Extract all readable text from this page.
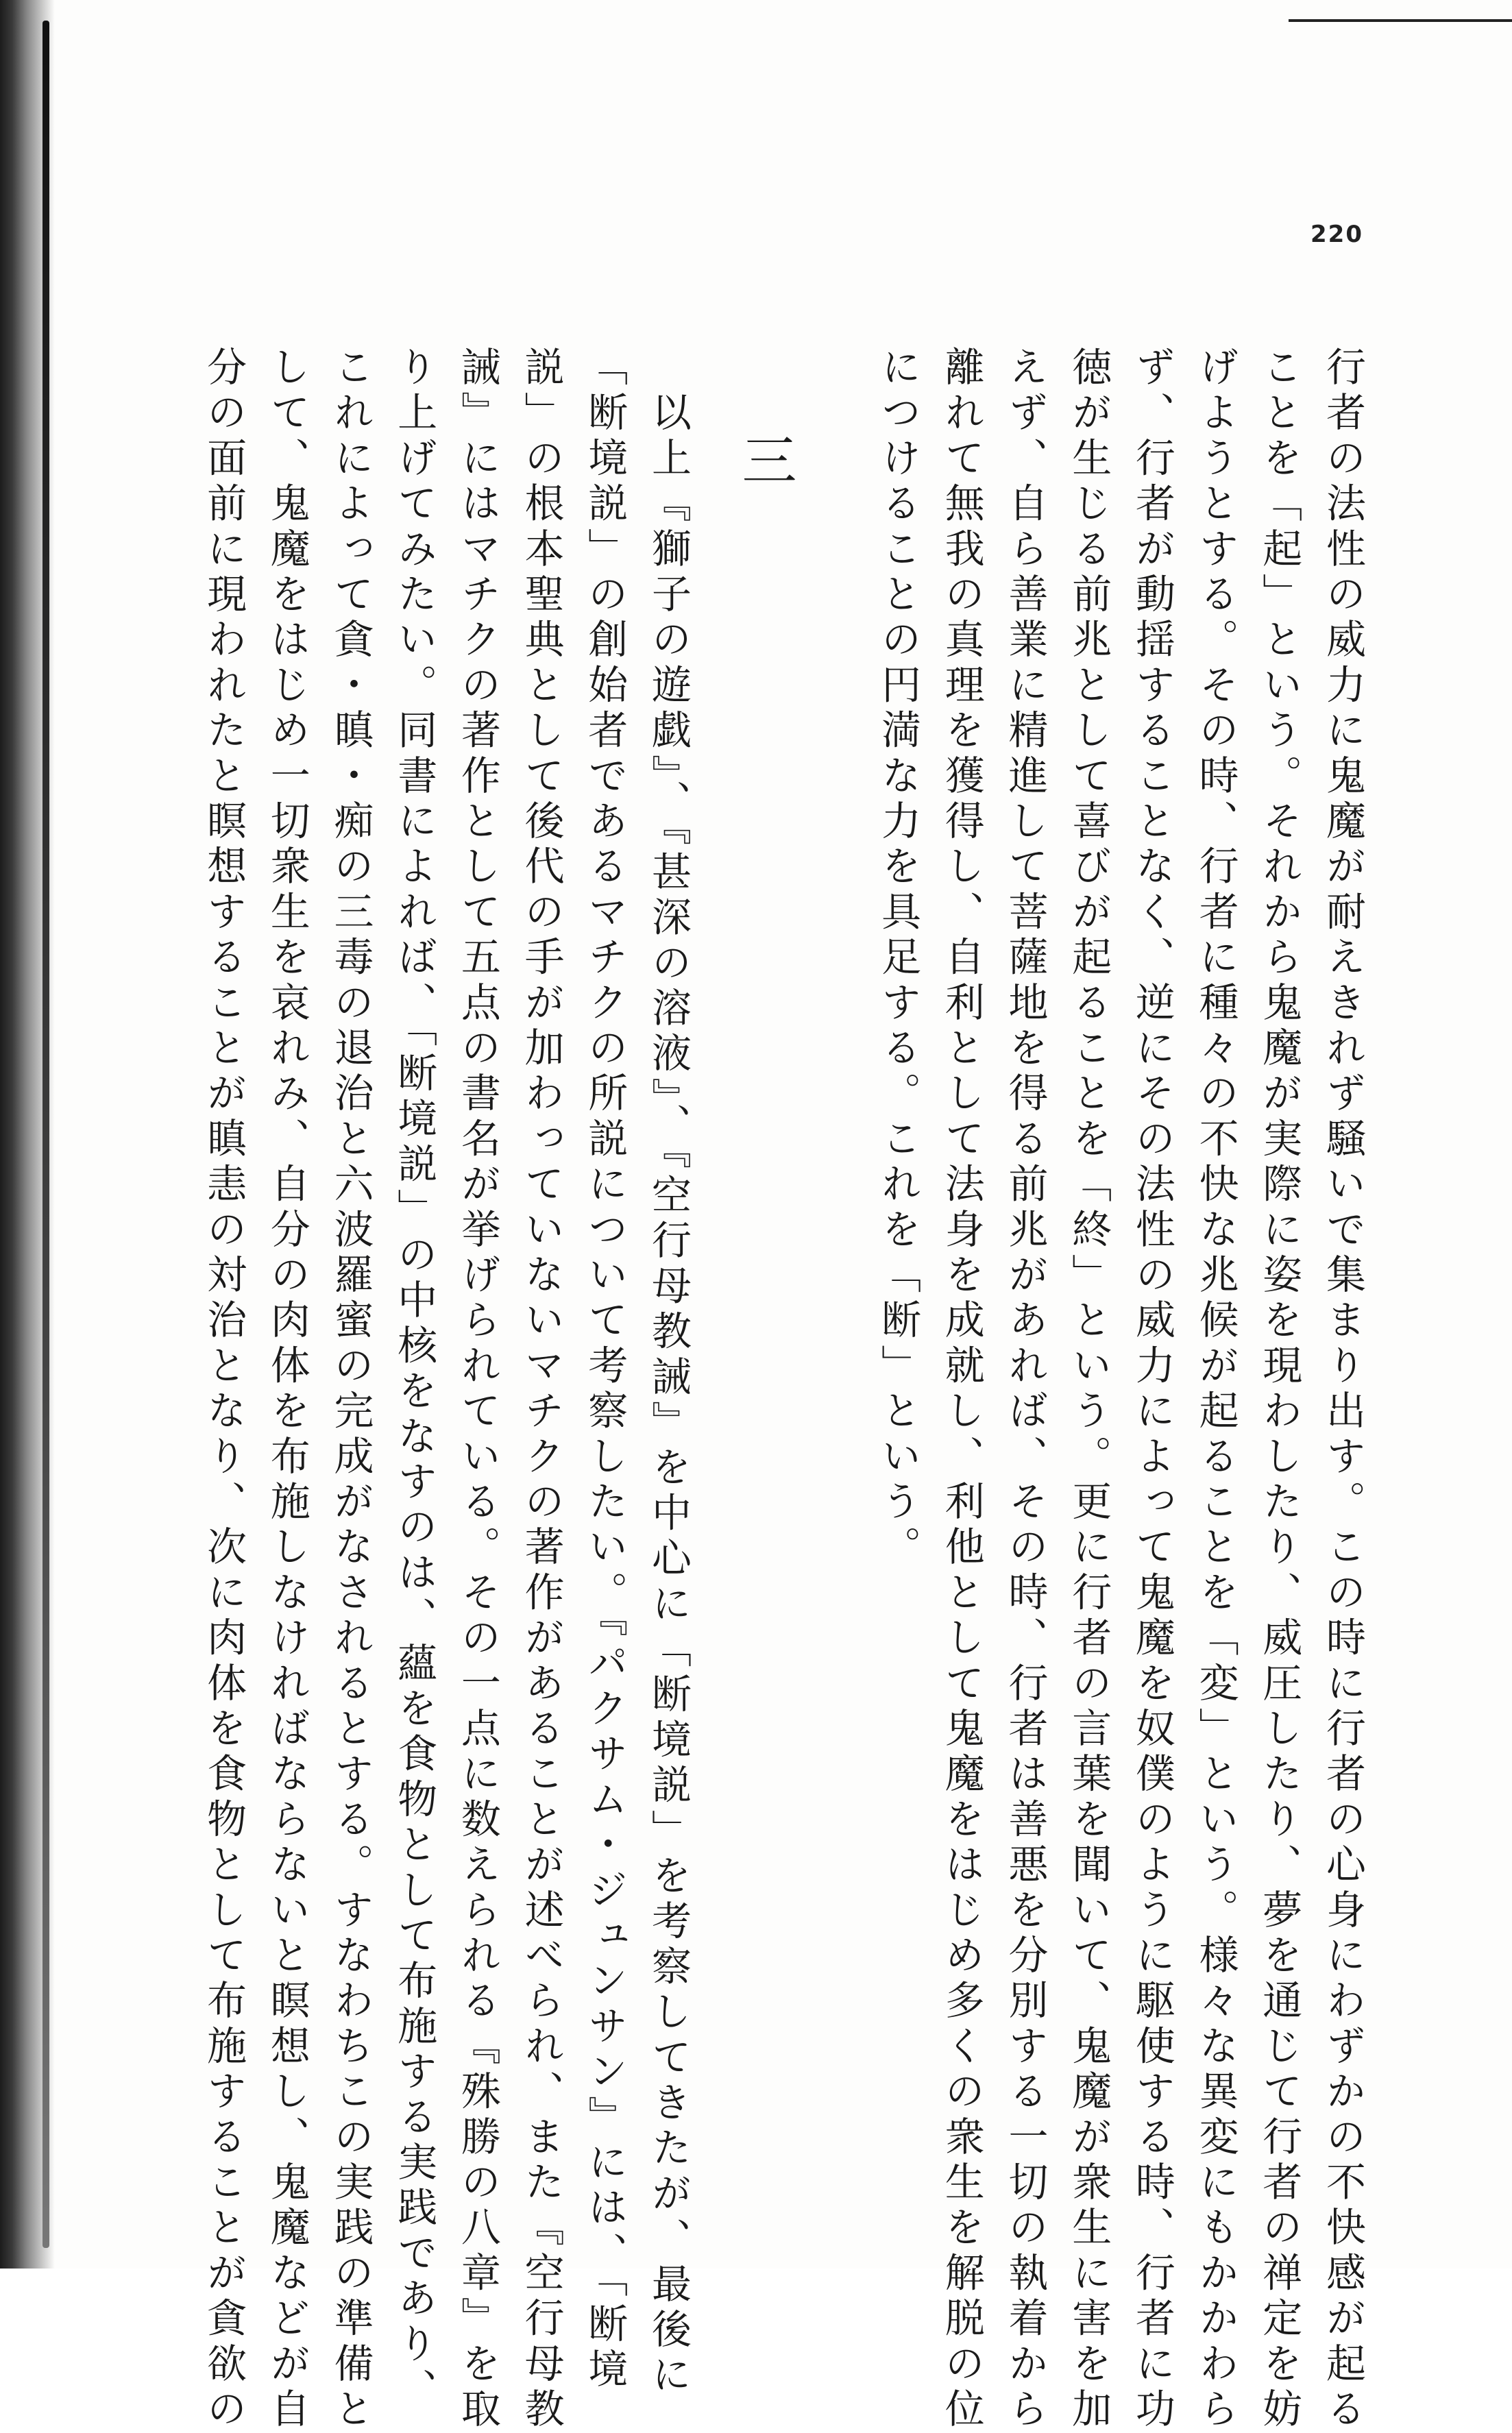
220
行者の法性の威力に鬼魔が耐えきれず騒いで集まり出す。この時に行者の心身にわずかの不快感が起る
ことを「起」という。それから鬼魔が実際に姿を現わしたり、威圧したり、夢を通じて行者の禅定を妨
げようとする。その時、行者に種々の不快な兆候が起ることを「変」という。様々な異変にもかかわら
ず、行者が動揺することなく、逆にその法性の威力によって鬼魔を奴僕のように駆使する時、行者に功
徳が生じる前兆として喜びが起ることを「終」という。更に行者の言葉を聞いて、鬼魔が衆生に害を加
えず、自ら善業に精進して菩薩地を得る前兆があれば、その時、行者は善悪を分別する一切の執着から
離れて無我の真理を獲得し、自利として法身を成就し、利他として鬼魔をはじめ多くの衆生を解脱の位
につけることの円満な力を具足する。これを「断」という。
三
　以上『獅子の遊戯』、『甚深の溶液』、『空行母教誡』を中心に「断境説」を考察してきたが、最後に
「断境説」の創始者であるマチクの所説について考察したい。『パクサム・ジュンサン』には、「断境
説」の根本聖典として後代の手が加わっていないマチクの著作があることが述べられ、また『空行母教
誡』にはマチクの著作として五点の書名が挙げられている。その一点に数えられる『殊勝の八章』を取
り上げてみたい。同書によれば、「断境説」の中核をなすのは、蘊を食物として布施する実践であり、
これによって貪・瞋・痴の三毒の退治と六波羅蜜の完成がなされるとする。すなわちこの実践の準備と
して、鬼魔をはじめ一切衆生を哀れみ、自分の肉体を布施しなければならないと瞑想し、鬼魔などが自
分の面前に現われたと瞑想することが瞋恚の対治となり、次に肉体を食物として布施することが貪欲の
